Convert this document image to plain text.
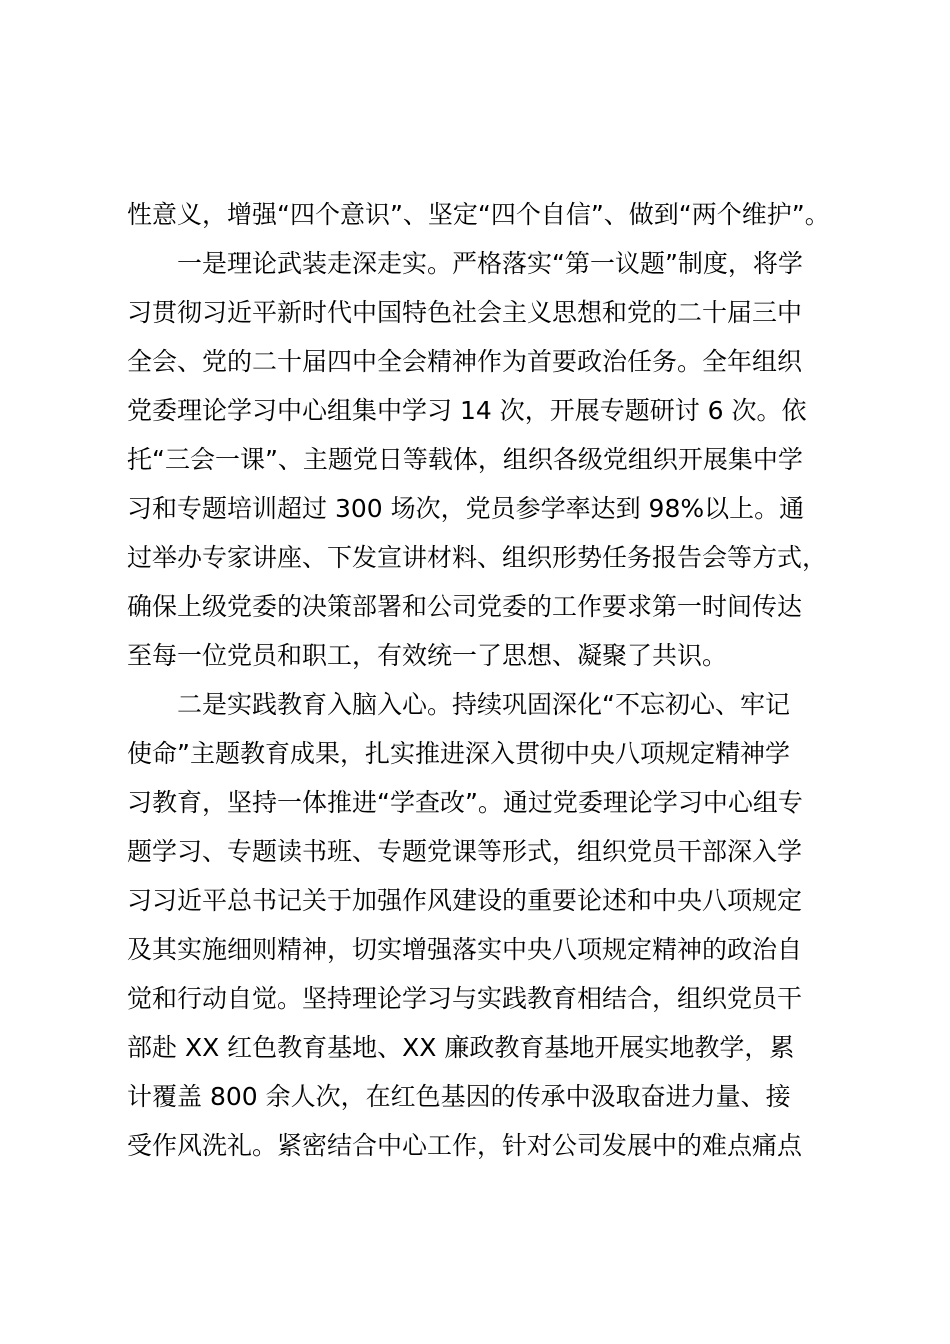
性意义，增强“四个意识”、坚定“四个自信”、做到“两个维护”。

一是理论武装走深走实。严格落实“第一议题”制度，将学

习贯彻习近平新时代中国特色社会主义思想和党的二十届三中

全会、党的二十届四中全会精神作为首要政治任务。全年组织

党委理论学习中心组集中学习 14 次，开展专题研讨 6 次。依

托“三会一课”、主题党日等载体，组织各级党组织开展集中学

习和专题培训超过 300 场次，党员参学率达到 98%以上。通

过举办专家讲座、下发宣讲材料、组织形势任务报告会等方式，

确保上级党委的决策部署和公司党委的工作要求第一时间传达

至每一位党员和职工，有效统一了思想、凝聚了共识。

二是实践教育入脑入心。持续巩固深化“不忘初心、牢记

使命”主题教育成果，扎实推进深入贯彻中央八项规定精神学

习教育，坚持一体推进“学查改”。通过党委理论学习中心组专

题学习、专题读书班、专题党课等形式，组织党员干部深入学

习习近平总书记关于加强作风建设的重要论述和中央八项规定

及其实施细则精神，切实增强落实中央八项规定精神的政治自

觉和行动自觉。坚持理论学习与实践教育相结合，组织党员干

部赴 XX 红色教育基地、XX 廉政教育基地开展实地教学，累

计覆盖 800 余人次，在红色基因的传承中汲取奋进力量、接

受作风洗礼。紧密结合中心工作，针对公司发展中的难点痛点
